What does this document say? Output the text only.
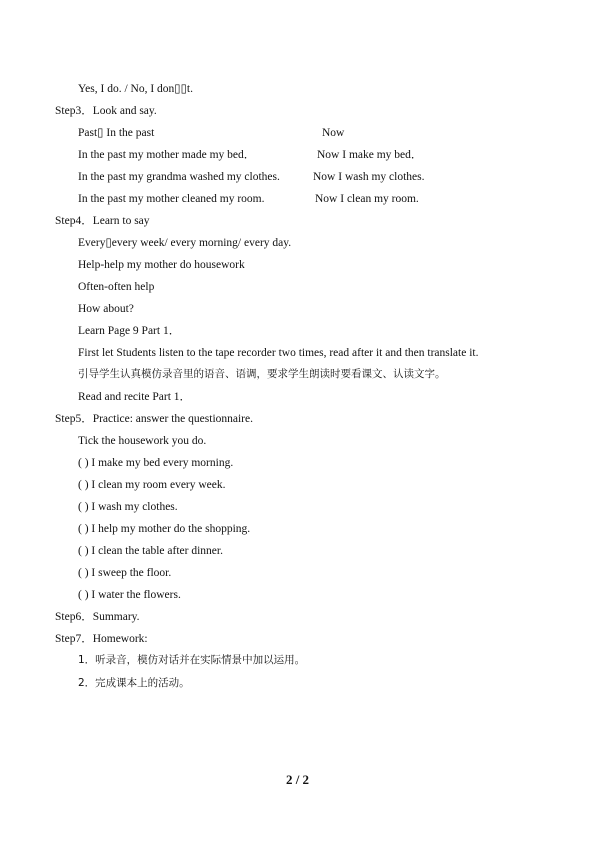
Yes, I do. / No, I don▯▯t.
Step3．Look and say.
Past▯ In the past	Now
In the past my mother made my bed．	Now I make my bed．
In the past my grandma washed my clothes.	Now I wash my clothes.
In the past my mother cleaned my room.	Now I clean my room.
Step4．Learn to say
Every▯every week/ every morning/ every day.
Help-help my mother do housework
Often-often help
How about?
Learn Page 9 Part 1．
First let Students listen to the tape recorder two times, read after it and then translate it.
引导学生认真模仿录音里的语音、语调，要求学生朗读时要看课文、认读文字。
Read and recite Part 1．
Step5．Practice: answer the questionnaire.
Tick the housework you do.
( ) I make my bed every morning.
( ) I clean my room every week.
( ) I wash my clothes.
( ) I help my mother do the shopping.
( ) I clean the table after dinner.
( ) I sweep the floor.
( ) I water the flowers.
Step6．Summary.
Step7．Homework:
1．听录音，模仿对话并在实际情景中加以运用。
2．完成课本上的活动。
2 / 2
